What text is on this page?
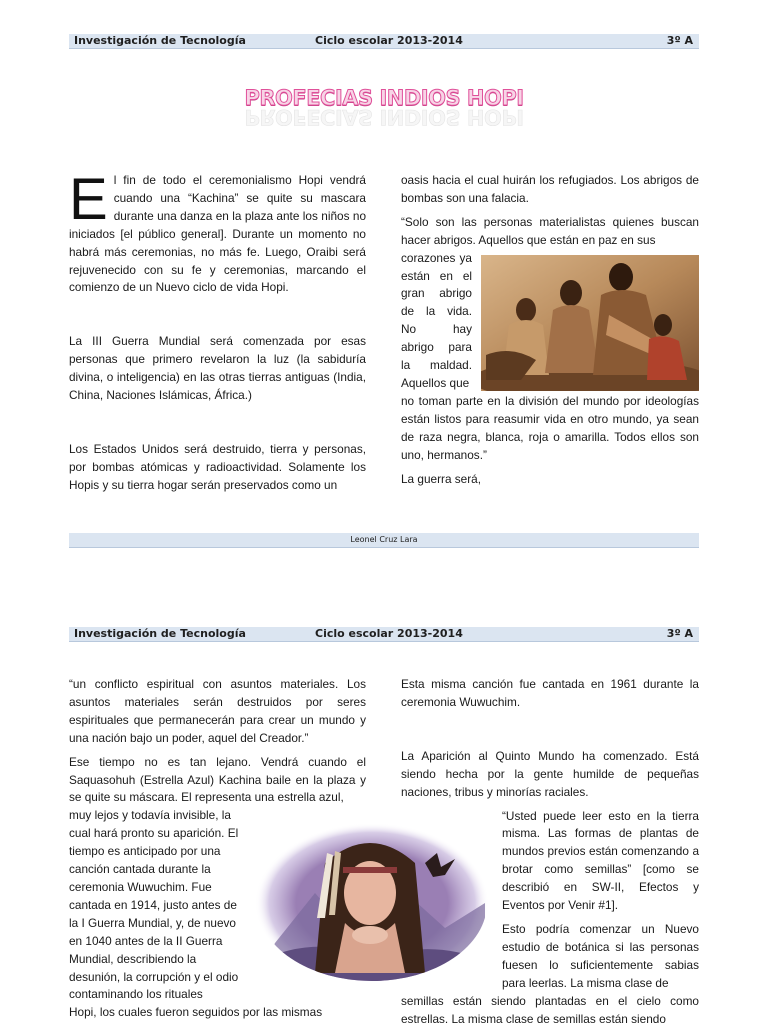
Investigación de Tecnología	Ciclo escolar 2013-2014	3º A
PROFECIAS INDIOS HOPI
PROFECIAS INDIOS HOPI

El fin de todo el ceremonialismo Hopi vendrá cuando una “Kachina” se quite su mascara durante una danza en la plaza ante los niños no iniciados [el público general]. Durante un momento no habrá más ceremonias, no más fe. Luego, Oraibi será rejuvenecido con su fe y ceremonias, marcando el comienzo de un Nuevo ciclo de vida Hopi.

La III Guerra Mundial será comenzada por esas personas que primero revelaron la luz (la sabiduría divina, o inteligencia) en las otras tierras antiguas (India, China, Naciones Islámicas, África.)

Los Estados Unidos será destruido, tierra y personas, por bombas atómicas y radioactividad. Solamente los Hopis y su tierra hogar serán preservados como un

oasis hacia el cual huirán los refugiados. Los abrigos de bombas son una falacia.

“Solo son las personas materialistas quienes buscan hacer abrigos. Aquellos que están en paz en sus

corazones ya están en el gran abrigo de la vida. No hay abrigo para la maldad. Aquellos que

no toman parte en la división del mundo por ideologías están listos para reasumir vida en otro mundo, ya sean de raza negra, blanca, roja o amarilla. Todos ellos son uno, hermanos.”

La guerra será,

Leonel Cruz Lara
Investigación de Tecnología	Ciclo escolar 2013-2014	3º A

“un conflicto espiritual con asuntos materiales. Los asuntos materiales serán destruidos por seres espirituales que permanecerán para crear un mundo y una nación bajo un poder, aquel del Creador.”

Ese tiempo no es tan lejano. Vendrá cuando el Saquasohuh (Estrella Azul) Kachina baile en la plaza y se quite su máscara. El representa una estrella azul,

muy lejos y todavía invisible, la cual hará pronto su aparición. El tiempo es anticipado por una canción cantada durante la ceremonia Wuwuchim. Fue cantada en 1914, justo antes de la I Guerra Mundial, y, de nuevo en 1040 antes de la II Guerra Mundial, describiendo la desunión, la corrupción y el odio contaminando los rituales

Hopi, los cuales fueron seguidos por las mismas

Esta misma canción fue cantada en 1961 durante la ceremonia Wuwuchim.

La Aparición al Quinto Mundo ha comenzado. Está siendo hecha por la gente humilde de pequeñas naciones, tribus y minorías raciales.

“Usted puede leer esto en la tierra misma. Las formas de plantas de mundos previos están comenzando a brotar como semillas” [como se describió en SW-II, Efectos y Eventos por Venir #1].

Esto podría comenzar un Nuevo estudio de botánica si las personas fuesen lo suficientemente sabias para leerlas. La misma clase de

semillas están siendo plantadas en el cielo como estrellas. La misma clase de semillas están siendo
